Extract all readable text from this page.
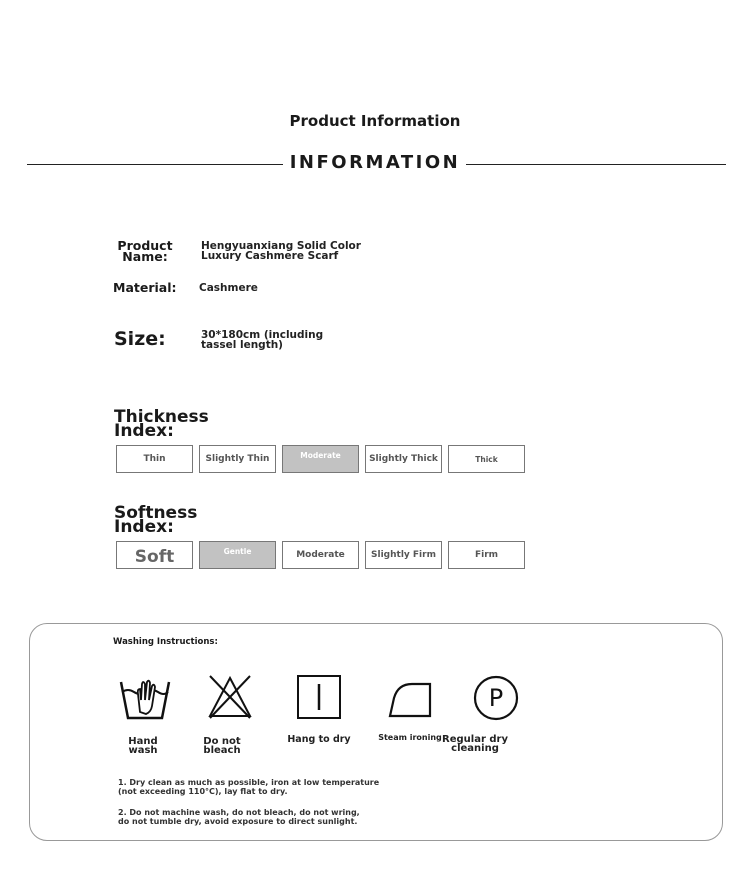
Product Information
INFORMATION
Product Name:
Hengyuanxiang Solid Color Luxury Cashmere Scarf
Material: Cashmere
Size:	30*180cm (including tassel length)
Thickness Index:
Thin	Slightly Thin	Moderate	Slightly Thick	Thick
Softness Index:
Soft	Gentle	Moderate	Slightly Firm	Firm
Washing Instructions:
Hand wash
Do not bleach
Hang to dry	Steam ironing
P
Regular dry cleaning
1. Dry clean as much as possible, iron at low temperature (not exceeding 110°C), lay flat to dry.
2. Do not machine wash, do not bleach, do not wring, do not tumble dry, avoid exposure to direct sunlight.
